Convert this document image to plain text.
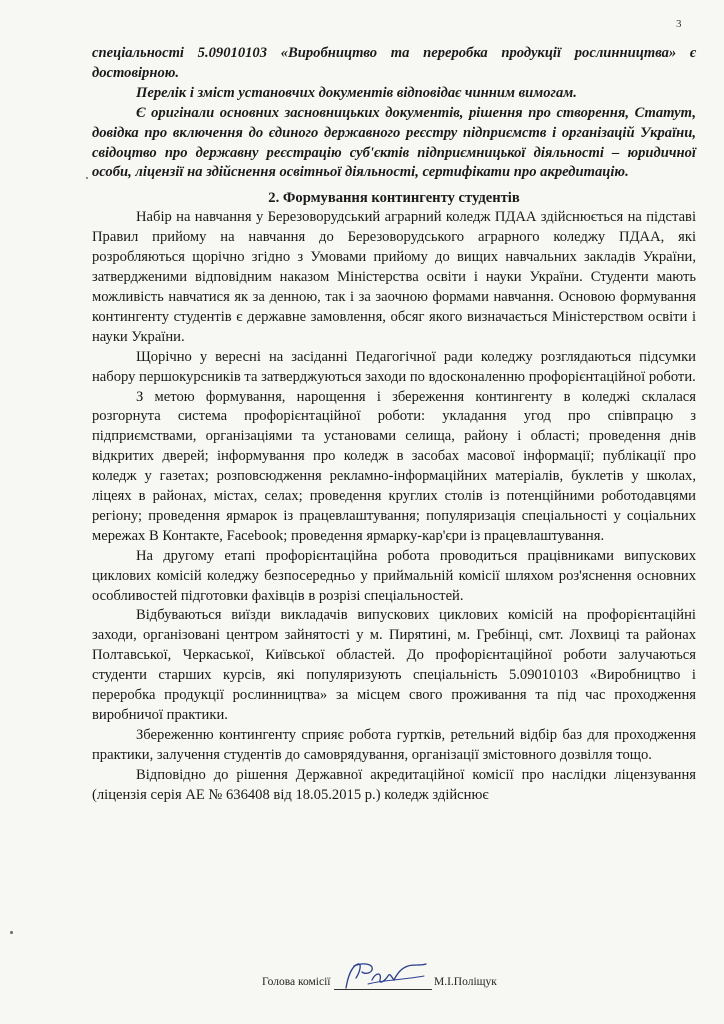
3

спеціальності 5.09010103 «Виробництво та переробка продукції рослинництва» є достовірною.

Перелік і зміст установчих документів відповідає чинним вимогам.

Є оригінали основних засновницьких документів, рішення про створення, Статут, довідка про включення до єдиного державного реєстру підприємств і організацій України, свідоцтво про державну реєстрацію суб'єктів підприємницької діяльності – юридичної особи, ліцензії на здійснення освітньої діяльності, сертифікати про акредитацію.

2. Формування контингенту студентів

Набір на навчання у Березоворудський аграрний коледж ПДАА здійснюється на підставі Правил прийому на навчання до Березоворудського аграрного коледжу ПДАА, які розробляються щорічно згідно з Умовами прийому до вищих навчальних закладів України, затвердженими відповідним наказом Міністерства освіти і науки України. Студенти мають можливість навчатися як за денною, так і за заочною формами навчання. Основою формування контингенту студентів є державне замовлення, обсяг якого визначається Міністерством освіти і науки України.

Щорічно у вересні на засіданні Педагогічної ради коледжу розглядаються підсумки набору першокурсників та затверджуються заходи по вдосконаленню профорієнтаційної роботи.

З метою формування, нарощення і збереження контингенту в коледжі склалася розгорнута система профорієнтаційної роботи: укладання угод про співпрацю з підприємствами, організаціями та установами селища, району і області; проведення днів відкритих дверей; інформування про коледж в засобах масової інформації; публікації про коледж у газетах; розповсюдження рекламно-інформаційних матеріалів, буклетів у школах, ліцеях в районах, містах, селах; проведення круглих столів із потенційними роботодавцями регіону; проведення ярмарок із працевлаштування; популяризація спеціальності у соціальних мережах В Контакте, Facebook; проведення ярмарку-кар'єри із працевлаштування.

На другому етапі профорієнтаційна робота проводиться працівниками випускових циклових комісій коледжу безпосередньо у приймальній комісії шляхом роз'яснення основних особливостей підготовки фахівців в розрізі спеціальностей.

Відбуваються виїзди викладачів випускових циклових комісій на профорієнтаційні заходи, організовані центром зайнятості у м. Пирятині, м. Гребінці, смт. Лохвиці та районах Полтавської, Черкаської, Київської областей. До профорієнтаційної роботи залучаються студенти старших курсів, які популяризують спеціальність 5.09010103 «Виробництво і переробка продукції рослинництва» за місцем свого проживання та під час проходження виробничої практики.

Збереженню контингенту сприяє робота гуртків, ретельний відбір баз для проходження практики, залучення студентів до самоврядування, організації змістовного дозвілля тощо.

Відповідно до рішення Державної акредитаційної комісії про наслідки ліцензування (ліцензія серія АЕ № 636408 від 18.05.2015 р.) коледж здійснює

Голова комісії	М.І.Поліщук
